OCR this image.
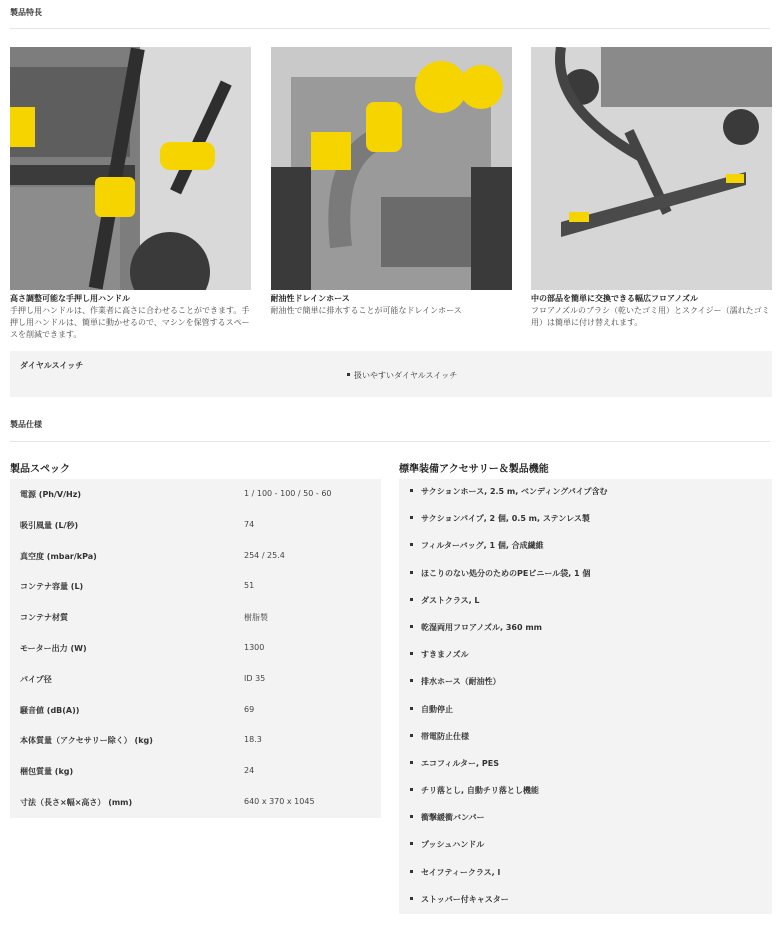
製品特長
高さ調整可能な手押し用ハンドル
手押し用ハンドルは、作業者に高さに合わせることができます。手押し用ハンドルは、簡単に動かせるので、マシンを保管するスペースを削減できます。
耐油性ドレインホース
耐油性で簡単に排水することが可能なドレインホース
中の部品を簡単に交換できる幅広フロアノズル
フロアノズルのブラシ（乾いたゴミ用）とスクイジー（濡れたゴミ用）は簡単に付け替えれます。
ダイヤルスイッチ
扱いやすいダイヤルスイッチ
製品仕様
製品スペック	標準装備アクセサリー＆製品機能
電源 (Ph/V/Hz)	1 / 100 - 100 / 50 - 60
吸引風量 (L/秒)	74
真空度 (mbar/kPa)	254 / 25.4
コンテナ容量 (L)	51
コンテナ材質	樹脂製
モーター出力 (W)	1300
パイプ径	ID 35
騒音値 (dB(A))	69
本体質量（アクセサリー除く） (kg)	18.3
梱包質量 (kg)	24
寸法（長さ×幅×高さ） (mm)	640 x 370 x 1045
サクションホース, 2.5 m, ベンディングパイプ含む
サクションパイプ, 2 個, 0.5 m, ステンレス製
フィルターバッグ, 1 個, 合成繊維
ほこりのない処分のためのPEビニール袋, 1 個
ダストクラス, L
乾湿両用フロアノズル, 360 mm
すきまノズル
排水ホース（耐油性）
自動停止
帯電防止仕様
エコフィルター, PES
チリ落とし, 自動チリ落とし機能
衝撃緩衝バンパー
プッシュハンドル
セイフティークラス, l
ストッパー付キャスター
